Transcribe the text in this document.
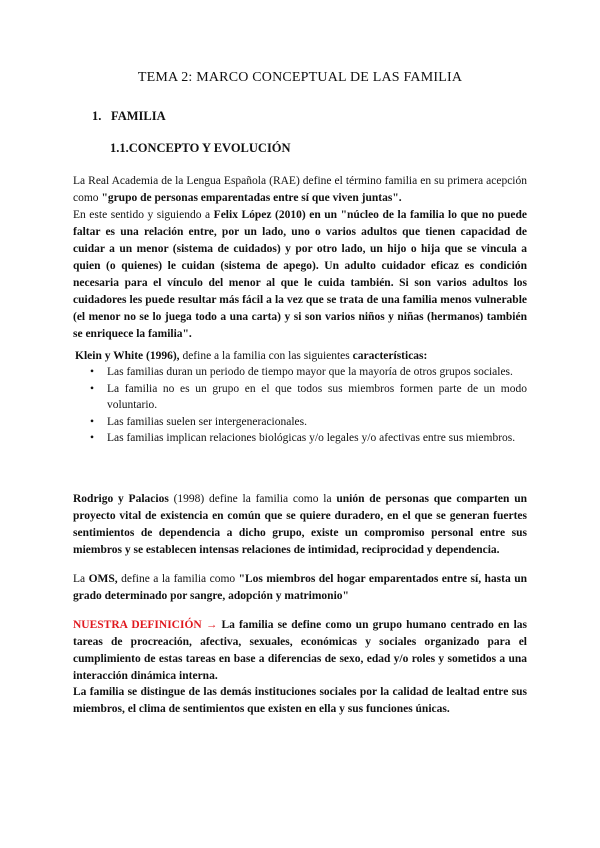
TEMA 2: MARCO CONCEPTUAL DE LAS FAMILIA
1. FAMILIA
1.1.CONCEPTO Y EVOLUCIÓN
La Real Academia de la Lengua Española (RAE) define el término familia en su primera acepción como "grupo de personas emparentadas entre sí que viven juntas".
En este sentido y siguiendo a Felix López (2010) en un "núcleo de la familia lo que no puede faltar es una relación entre, por un lado, uno o varios adultos que tienen capacidad de cuidar a un menor (sistema de cuidados) y por otro lado, un hijo o hija que se vincula a quien (o quienes) le cuidan (sistema de apego). Un adulto cuidador eficaz es condición necesaria para el vínculo del menor al que le cuida también. Si son varios adultos los cuidadores les puede resultar más fácil a la vez que se trata de una familia menos vulnerable (el menor no se lo juega todo a una carta) y si son varios niños y niñas (hermanos) también se enriquece la familia".
Klein y White (1996), define a la familia con las siguientes características:
• Las familias duran un periodo de tiempo mayor que la mayoría de otros grupos sociales.
• La familia no es un grupo en el que todos sus miembros formen parte de un modo voluntario.
• Las familias suelen ser intergeneracionales.
• Las familias implican relaciones biológicas y/o legales y/o afectivas entre sus miembros.
Rodrigo y Palacios (1998) define la familia como la unión de personas que comparten un proyecto vital de existencia en común que se quiere duradero, en el que se generan fuertes sentimientos de dependencia a dicho grupo, existe un compromiso personal entre sus miembros y se establecen intensas relaciones de intimidad, reciprocidad y dependencia.
La OMS, define a la familia como "Los miembros del hogar emparentados entre sí, hasta un grado determinado por sangre, adopción y matrimonio"
NUESTRA DEFINICIÓN → La familia se define como un grupo humano centrado en las tareas de procreación, afectiva, sexuales, económicas y sociales organizado para el cumplimiento de estas tareas en base a diferencias de sexo, edad y/o roles y sometidos a una interacción dinámica interna.
La familia se distingue de las demás instituciones sociales por la calidad de lealtad entre sus miembros, el clima de sentimientos que existen en ella y sus funciones únicas.
